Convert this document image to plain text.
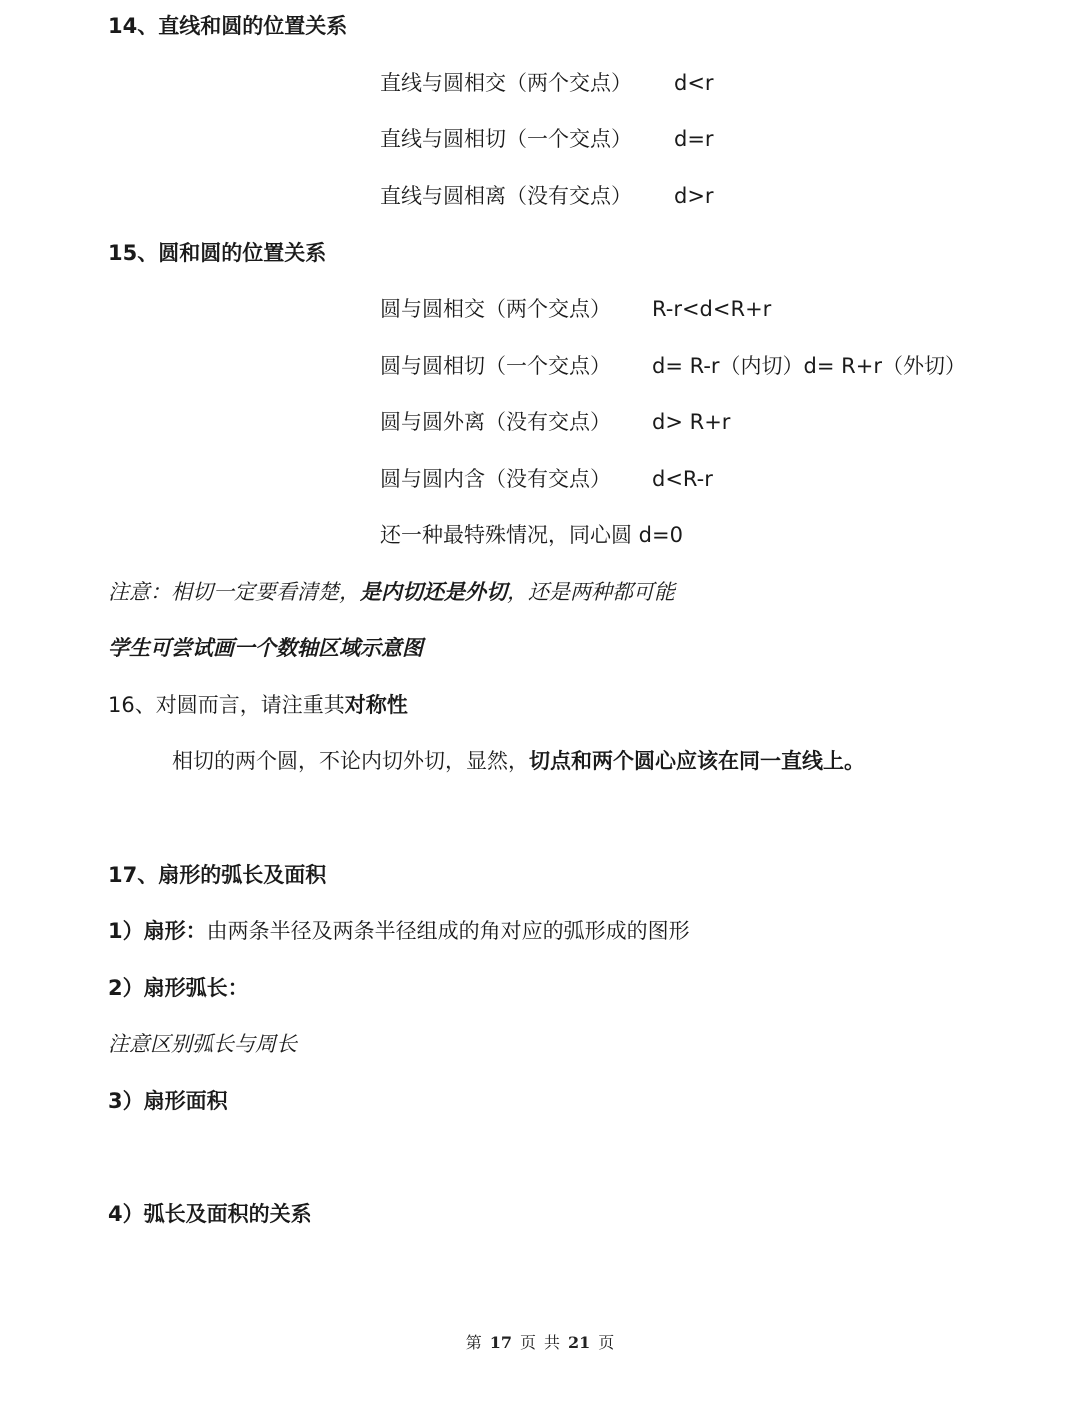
14、直线和圆的位置关系
直线与圆相交（两个交点） d<r
直线与圆相切（一个交点） d=r
直线与圆相离（没有交点） d>r
15、圆和圆的位置关系
圆与圆相交（两个交点） R-r<d<R+r
圆与圆相切（一个交点） d= R-r（内切）d= R+r（外切）
圆与圆外离（没有交点） d> R+r
圆与圆内含（没有交点） d<R-r
还一种最特殊情况，同心圆 d=0
注意：相切一定要看清楚，是内切还是外切，还是两种都可能
学生可尝试画一个数轴区域示意图
16、对圆而言，请注重其对称性
相切的两个圆，不论内切外切，显然，切点和两个圆心应该在同一直线上。
17、扇形的弧长及面积
1）扇形：由两条半径及两条半径组成的角对应的弧形成的图形
2）扇形弧长：
注意区别弧长与周长
3）扇形面积
4）弧长及面积的关系
第 17 页 共 21 页
